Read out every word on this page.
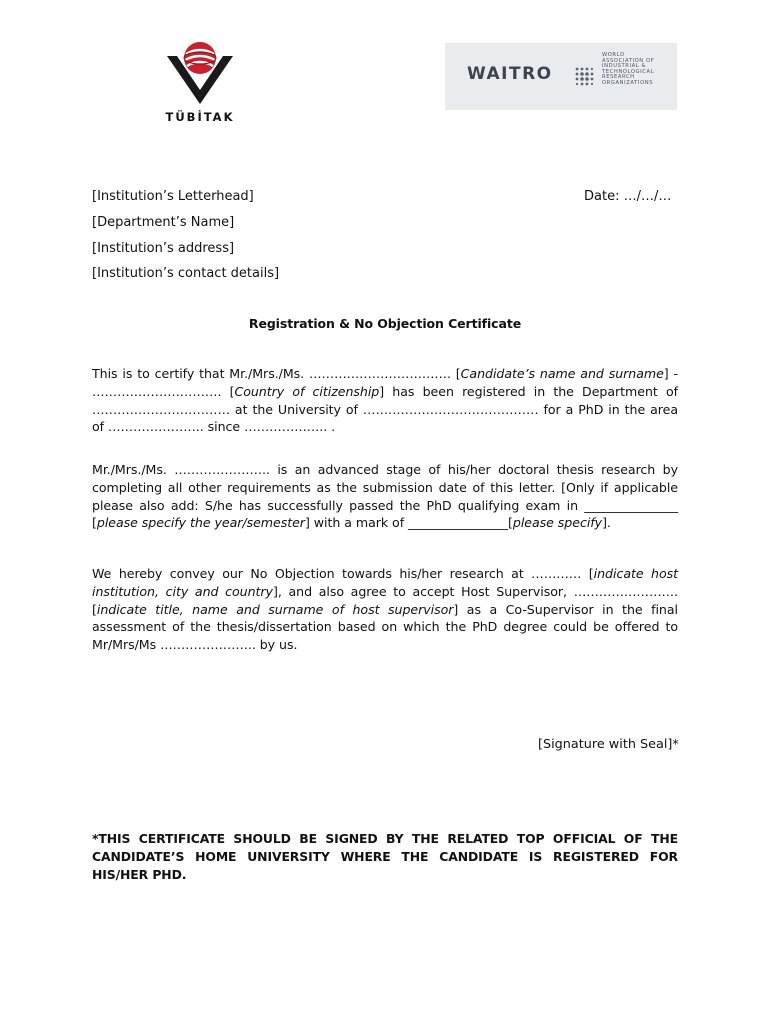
TÜBİTAK
WAITRO
WORLD
ASSOCIATION OF
INDUSTRIAL &
TECHNOLOGICAL
RESEARCH
ORGANIZATIONS
[Institution’s Letterhead]
[Department’s Name]
[Institution’s address]
[Institution’s contact details]
Date: …/…/…
Registration & No Objection Certificate
This is to certify that Mr./Mrs./Ms. ……………………………. [Candidate’s name and surname] - …………………………. [Country of citizenship] has been registered in the Department of …………………………… at the University of …………………………………… for a PhD in the area of ………………….. since ……………….. .
Mr./Mrs./Ms. ………………….. is an advanced stage of his/her doctoral thesis research by completing all other requirements as the submission date of this letter. [Only if applicable please also add: S/he has successfully passed the PhD qualifying exam in _______________ [please specify the year/semester] with a mark of ________________[please specify].
We hereby convey our No Objection towards his/her research at ………… [indicate host institution, city and country], and also agree to accept Host Supervisor, ……………………. [indicate title, name and surname of host supervisor] as a Co-Supervisor in the final assessment of the thesis/dissertation based on which the PhD degree could be offered to Mr/Mrs/Ms ………………….. by us.
[Signature with Seal]*
*THIS CERTIFICATE SHOULD BE SIGNED BY THE RELATED TOP OFFICIAL OF THE CANDIDATE’S HOME UNIVERSITY WHERE THE CANDIDATE IS REGISTERED FOR HIS/HER PHD.
